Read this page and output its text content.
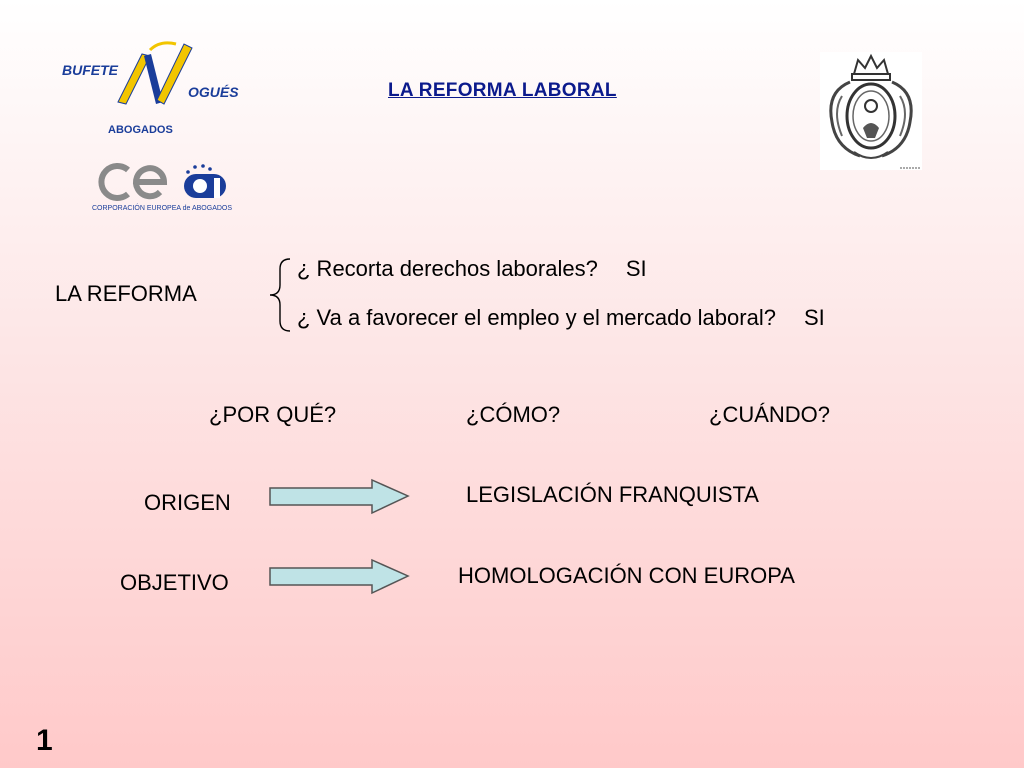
BUFETE
OGUÉS
ABOGADOS
CORPORACIÓN EUROPEA de ABOGADOS
LA REFORMA LABORAL
LA REFORMA
¿ Recorta derechos laborales? SI
¿ Va a favorecer el empleo y el mercado laboral? SI
¿POR QUÉ?	¿CÓMO?	¿CUÁNDO?
ORIGEN	LEGISLACIÓN FRANQUISTA
OBJETIVO	HOMOLOGACIÓN CON EUROPA
1
